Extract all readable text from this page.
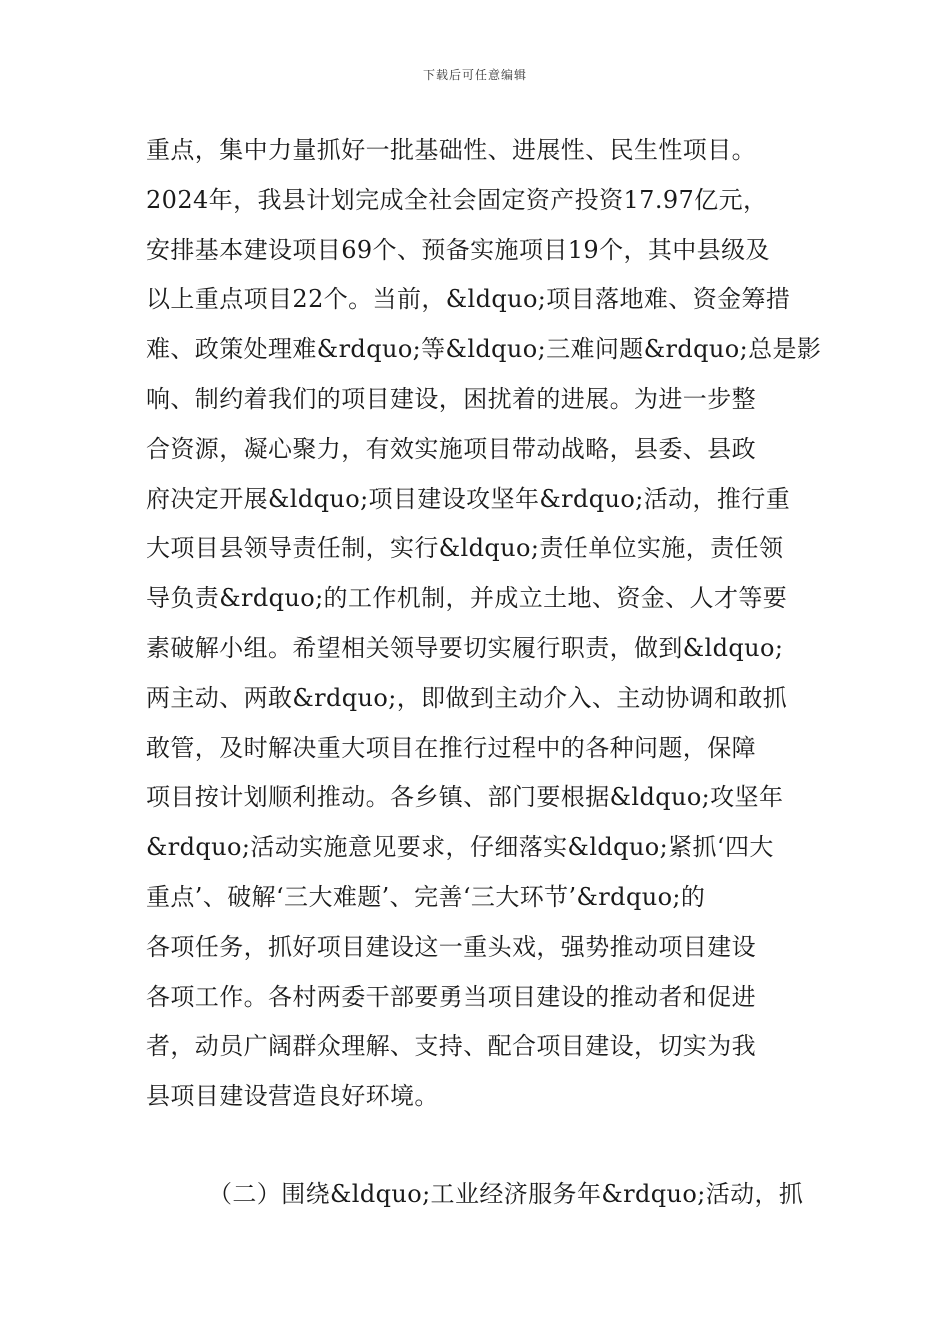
下载后可任意编辑
重点，集中力量抓好一批基础性、进展性、民生性项目。
2024年，我县计划完成全社会固定资产投资17.97亿元，
安排基本建设项目69个、预备实施项目19个，其中县级及
以上重点项目22个。当前，&ldquo;项目落地难、资金筹措
难、政策处理难&rdquo;等&ldquo;三难问题&rdquo;总是影
响、制约着我们的项目建设，困扰着的进展。为进一步整
合资源，凝心聚力，有效实施项目带动战略，县委、县政
府决定开展&ldquo;项目建设攻坚年&rdquo;活动，推行重
大项目县领导责任制，实行&ldquo;责任单位实施，责任领
导负责&rdquo;的工作机制，并成立土地、资金、人才等要
素破解小组。希望相关领导要切实履行职责，做到&ldquo;
两主动、两敢&rdquo;，即做到主动介入、主动协调和敢抓
敢管，及时解决重大项目在推行过程中的各种问题，保障
项目按计划顺利推动。各乡镇、部门要根据&ldquo;攻坚年
&rdquo;活动实施意见要求，仔细落实&ldquo;紧抓‘四大
重点’、破解‘三大难题’、完善‘三大环节’&rdquo;的
各项任务，抓好项目建设这一重头戏，强势推动项目建设
各项工作。各村两委干部要勇当项目建设的推动者和促进
者，动员广阔群众理解、支持、配合项目建设，切实为我
县项目建设营造良好环境。
（二）围绕&ldquo;工业经济服务年&rdquo;活动，抓
